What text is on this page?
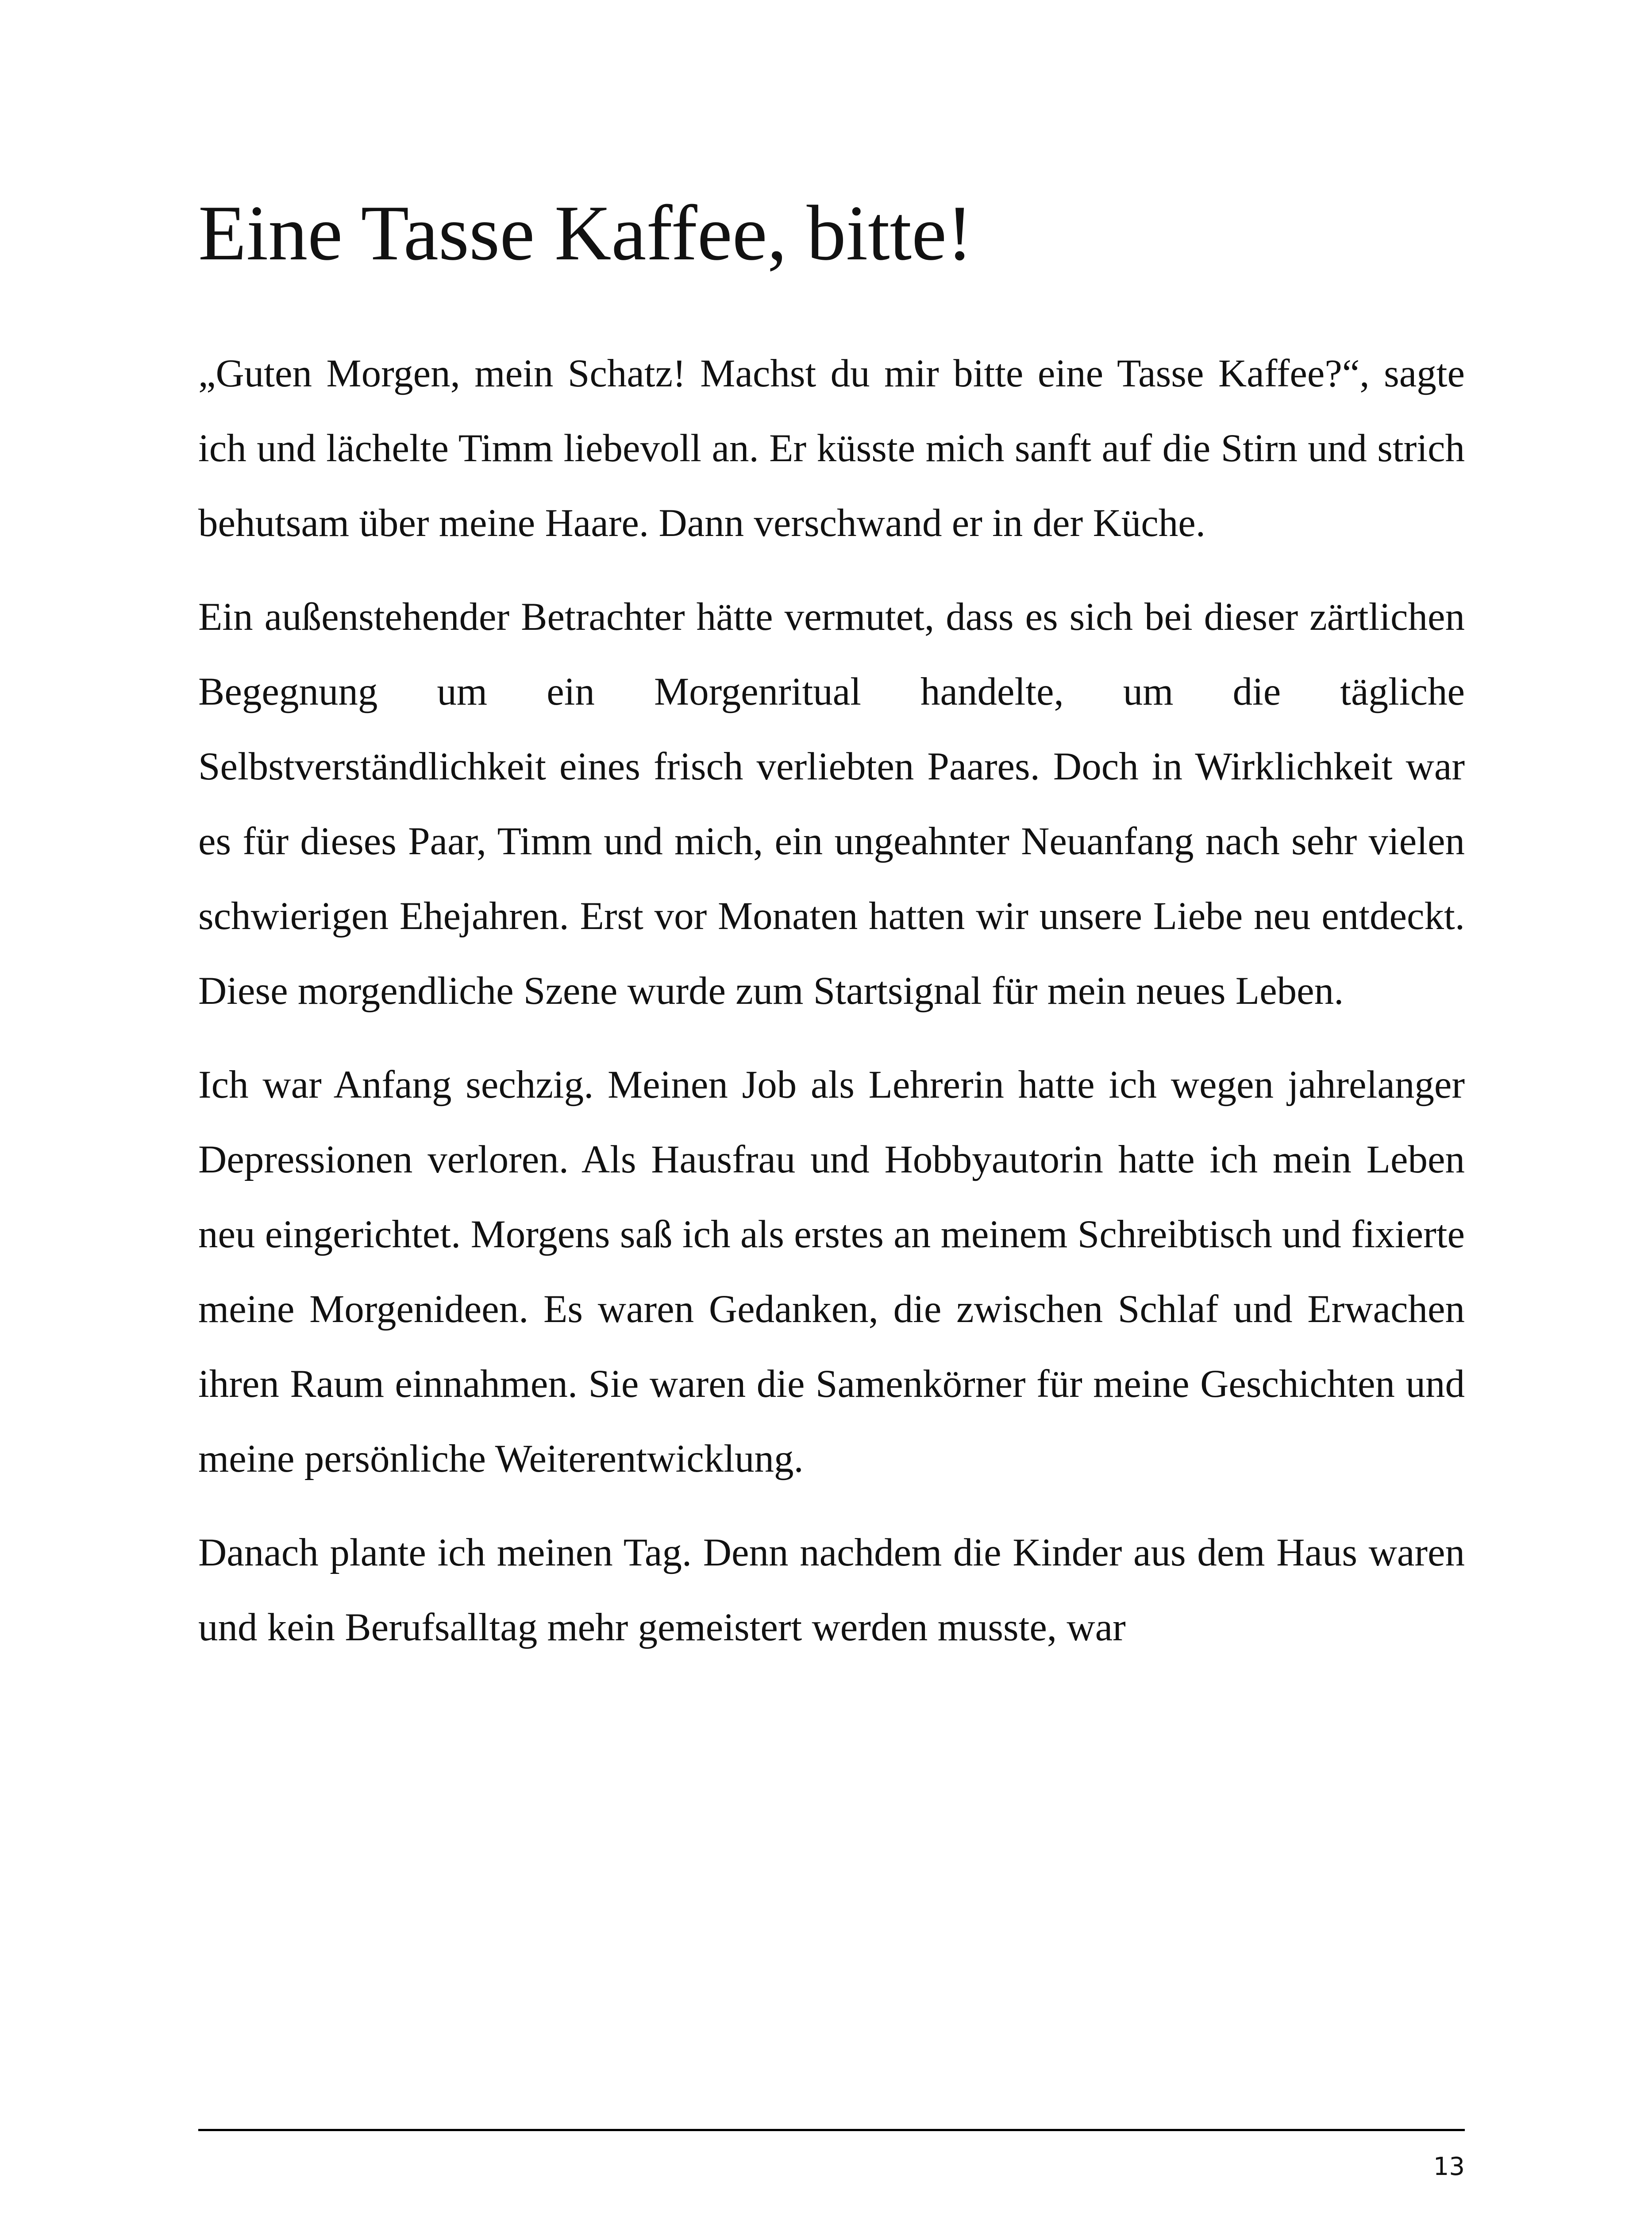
Eine Tasse Kaffee, bitte!

„Guten Morgen, mein Schatz! Machst du mir bitte eine Tasse Kaffee?“, sagte ich und lächelte Timm liebevoll an. Er küsste mich sanft auf die Stirn und strich behutsam über meine Haare. Dann verschwand er in der Küche.

Ein außenstehender Betrachter hätte vermutet, dass es sich bei dieser zärtlichen Begegnung um ein Morgenritual handelte, um die tägliche Selbstverständlichkeit eines frisch verliebten Paares. Doch in Wirklichkeit war es für dieses Paar, Timm und mich, ein ungeahnter Neuanfang nach sehr vielen schwierigen Ehejahren. Erst vor Monaten hatten wir unsere Liebe neu entdeckt. Diese morgendliche Szene wurde zum Startsignal für mein neues Leben.

Ich war Anfang sechzig. Meinen Job als Lehrerin hatte ich wegen jahrelanger Depressionen verloren. Als Hausfrau und Hobbyautorin hatte ich mein Leben neu eingerichtet. Morgens saß ich als erstes an meinem Schreibtisch und fixierte meine Morgenideen. Es waren Gedanken, die zwischen Schlaf und Erwachen ihren Raum einnahmen. Sie waren die Samenkörner für meine Geschichten und meine persönliche Weiterentwicklung.

Danach plante ich meinen Tag. Denn nachdem die Kinder aus dem Haus waren und kein Berufsalltag mehr gemeistert werden musste, war

13
